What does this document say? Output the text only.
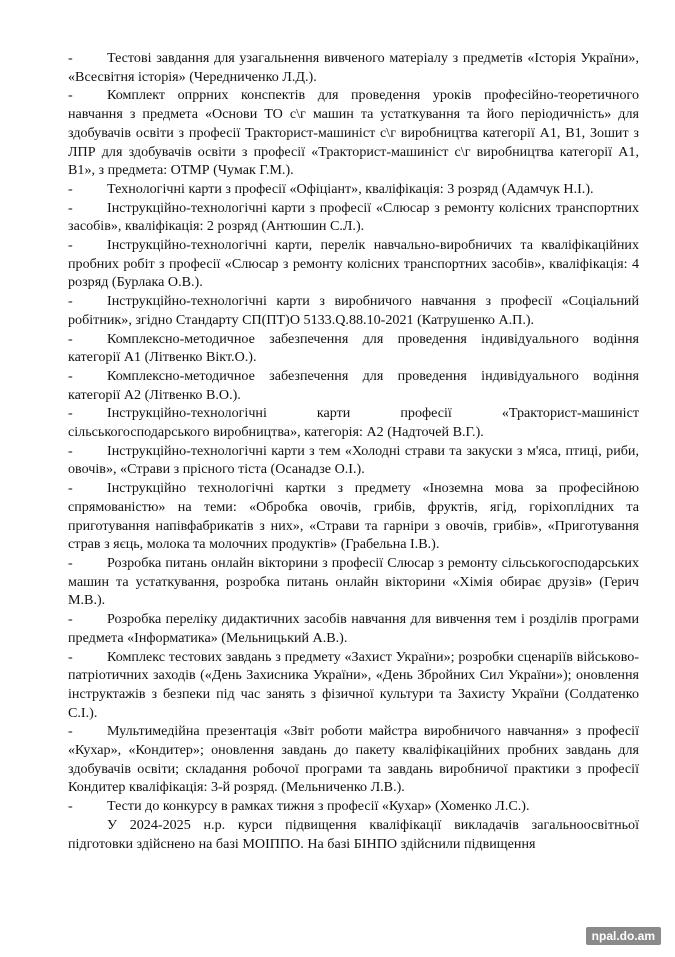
- Тестові завдання для узагальнення вивченого матеріалу з предметів «Історія України», «Всесвітня історія» (Чередниченко Л.Д.).

- Комплект опррних конспектів для проведення уроків професійно-теоретичного навчання з предмета «Основи ТО с\г машин та устаткування та його періодичність» для здобувачів освіти з професії Тракторист-машиніст с\г виробництва категорії А1, В1, Зошит з ЛПР для здобувачів освіти з професії «Тракторист-машиніст с\г виробництва категорії А1, В1», з предмета: ОТМР (Чумак Г.М.).

- Технологічні карти з професії «Офіціант», кваліфікація: 3 розряд (Адамчук Н.І.).

- Інструкційно-технологічні карти з професії «Слюсар з ремонту колісних транспортних засобів», кваліфікація: 2 розряд (Антюшин С.Л.).

- Інструкційно-технологічні карти, перелік навчально-виробничих та кваліфікаційних пробних робіт з професії «Слюсар з ремонту колісних транспортних засобів», кваліфікація: 4 розряд (Бурлака О.В.).

- Інструкційно-технологічні карти з виробничого навчання з професії «Соціальний робітник», згідно Стандарту СП(ПТ)О 5133.Q.88.10-2021 (Катрушенко А.П.).

- Комплексно-методичное забезпечення для проведення індивідуального водіння категорії А1 (Літвенко Вікт.О.).

- Комплексно-методичное забезпечення для проведення індивідуального водіння категорії А2 (Літвенко В.О.).

- Інструкційно-технологічні карти професії «Тракторист-машиніст сільськогосподарського виробництва», категорія: А2 (Надточей В.Г.).

- Інструкційно-технологічні карти з тем «Холодні страви та закуски з м'яса, птиці, риби, овочів», «Страви з прісного тіста (Осанадзе О.І.).

- Інструкційно технологічні картки з предмету «Іноземна мова за професійною спрямованістю» на теми: «Обробка овочів, грибів, фруктів, ягід, горіхоплідних та приготування напівфабрикатів з них», «Страви та гарніри з овочів, грибів», «Приготування страв з яєць, молока та молочних продуктів» (Грабельна І.В.).

- Розробка питань онлайн вікторини з професії Слюсар з ремонту сільськогосподарських машин та устаткування, розробка питань онлайн вікторини «Хімія обирає друзів» (Герич М.В.).

- Розробка переліку дидактичних засобів навчання для вивчення тем і розділів програми предмета «Інформатика» (Мельницький А.В.).

- Комплекс тестових завдань з предмету «Захист України»; розробки сценаріїв військово-патріотичних заходів («День Захисника України», «День Збройних Сил України»); оновлення інструктажів з безпеки під час занять з фізичної культури та Захисту України (Солдатенко С.І.).

- Мультимедійна презентація «Звіт роботи майстра виробничого навчання» з професії «Кухар», «Кондитер»; оновлення завдань до пакету кваліфікаційних пробних завдань для здобувачів освіти; складання робочої програми та завдань виробничої практики з професії Кондитер кваліфікація: 3-й розряд. (Мельниченко Л.В.).

- Тести до конкурсу в рамках тижня з професії «Кухар» (Хоменко Л.С.).

У 2024-2025 н.р. курси підвищення кваліфікації викладачів загальноосвітньої підготовки здійснено на базі МОІППО. На базі БІНПО здійснили підвищення

npal.do.am
